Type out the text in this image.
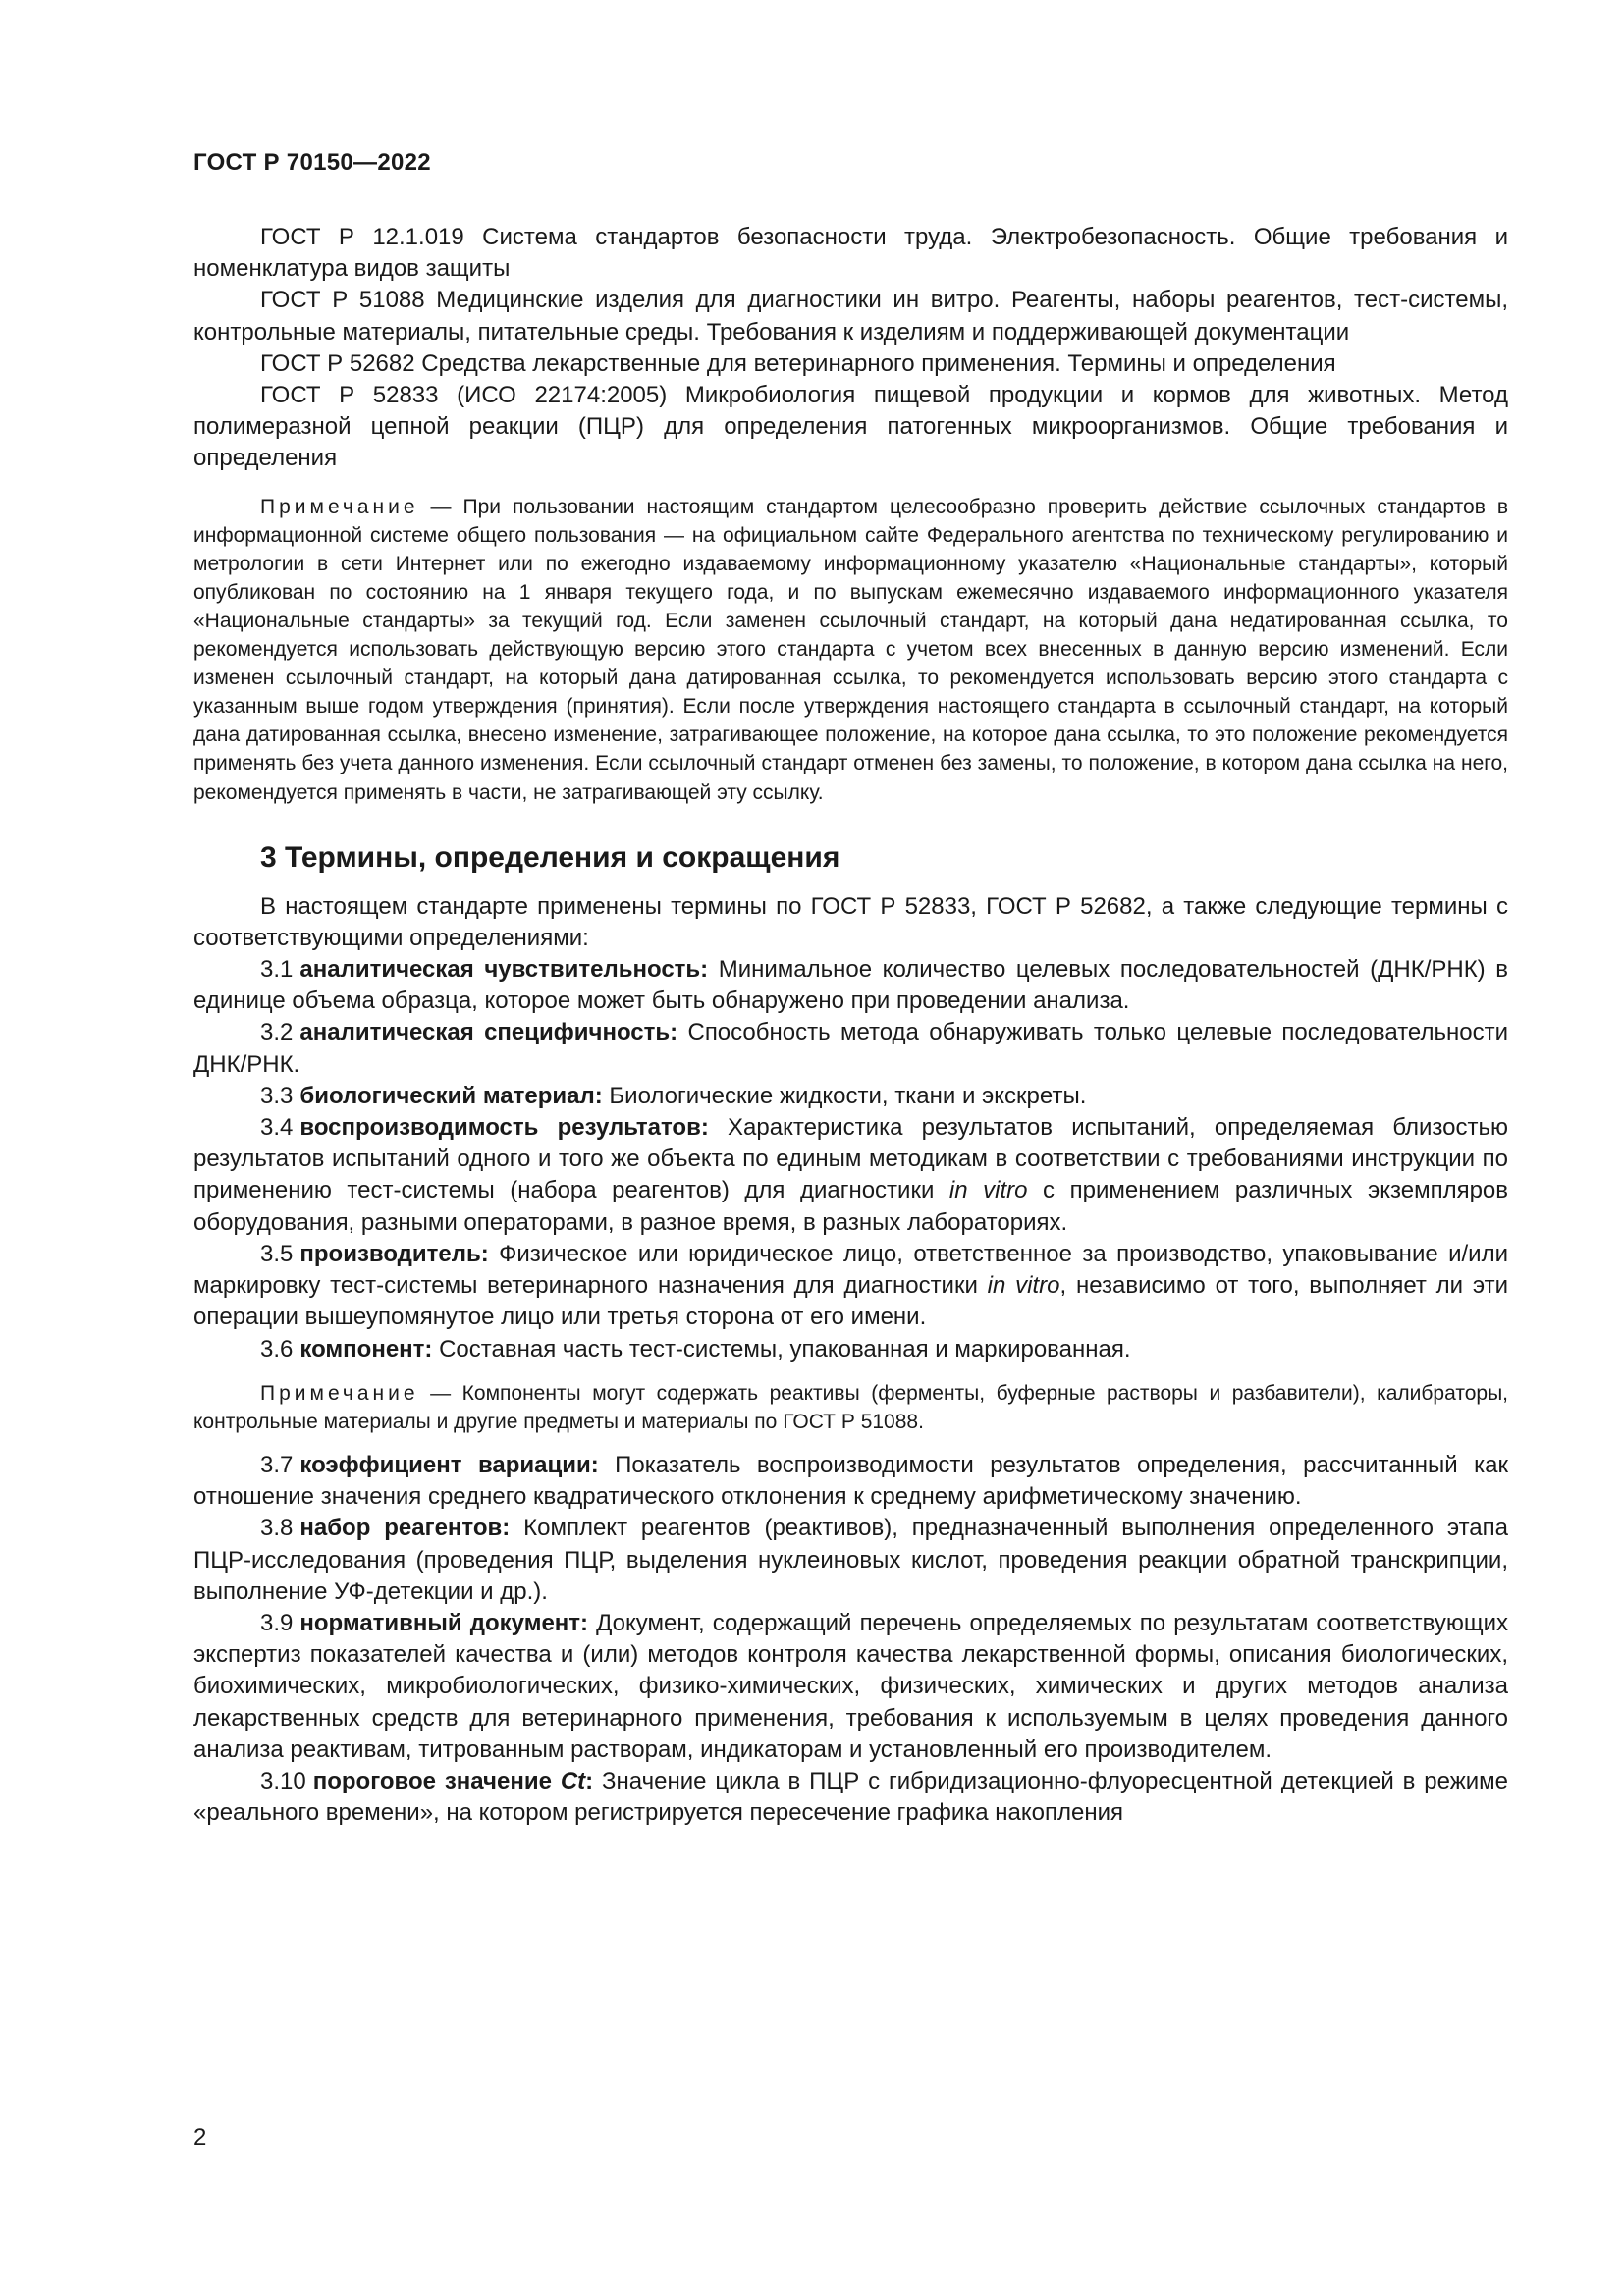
ГОСТ Р 70150—2022

ГОСТ Р 12.1.019 Система стандартов безопасности труда. Электробезопасность. Общие требования и номенклатура видов защиты

ГОСТ Р 51088 Медицинские изделия для диагностики ин витро. Реагенты, наборы реагентов, тест-системы, контрольные материалы, питательные среды. Требования к изделиям и поддерживающей документации

ГОСТ Р 52682 Средства лекарственные для ветеринарного применения. Термины и определения

ГОСТ Р 52833 (ИСО 22174:2005) Микробиология пищевой продукции и кормов для животных. Метод полимеразной цепной реакции (ПЦР) для определения патогенных микроорганизмов. Общие требования и определения

Примечание — При пользовании настоящим стандартом целесообразно проверить действие ссылочных стандартов в информационной системе общего пользования — на официальном сайте Федерального агентства по техническому регулированию и метрологии в сети Интернет или по ежегодно издаваемому информационному указателю «Национальные стандарты», который опубликован по состоянию на 1 января текущего года, и по выпускам ежемесячно издаваемого информационного указателя «Национальные стандарты» за текущий год. Если заменен ссылочный стандарт, на который дана недатированная ссылка, то рекомендуется использовать действующую версию этого стандарта с учетом всех внесенных в данную версию изменений. Если изменен ссылочный стандарт, на который дана датированная ссылка, то рекомендуется использовать версию этого стандарта с указанным выше годом утверждения (принятия). Если после утверждения настоящего стандарта в ссылочный стандарт, на который дана датированная ссылка, внесено изменение, затрагивающее положение, на которое дана ссылка, то это положение рекомендуется применять без учета данного изменения. Если ссылочный стандарт отменен без замены, то положение, в котором дана ссылка на него, рекомендуется применять в части, не затрагивающей эту ссылку.

3 Термины, определения и сокращения

В настоящем стандарте применены термины по ГОСТ Р 52833, ГОСТ Р 52682, а также следующие термины с соответствующими определениями:

3.1 аналитическая чувствительность: Минимальное количество целевых последовательностей (ДНК/РНК) в единице объема образца, которое может быть обнаружено при проведении анализа.

3.2 аналитическая специфичность: Способность метода обнаруживать только целевые последовательности ДНК/РНК.

3.3 биологический материал: Биологические жидкости, ткани и экскреты.

3.4 воспроизводимость результатов: Характеристика результатов испытаний, определяемая близостью результатов испытаний одного и того же объекта по единым методикам в соответствии с требованиями инструкции по применению тест-системы (набора реагентов) для диагностики in vitro с применением различных экземпляров оборудования, разными операторами, в разное время, в разных лабораториях.

3.5 производитель: Физическое или юридическое лицо, ответственное за производство, упаковывание и/или маркировку тест-системы ветеринарного назначения для диагностики in vitro, независимо от того, выполняет ли эти операции вышеупомянутое лицо или третья сторона от его имени.

3.6 компонент: Составная часть тест-системы, упакованная и маркированная.

Примечание — Компоненты могут содержать реактивы (ферменты, буферные растворы и разбавители), калибраторы, контрольные материалы и другие предметы и материалы по ГОСТ Р 51088.

3.7 коэффициент вариации: Показатель воспроизводимости результатов определения, рассчитанный как отношение значения среднего квадратического отклонения к среднему арифметическому значению.

3.8 набор реагентов: Комплект реагентов (реактивов), предназначенный выполнения определенного этапа ПЦР-исследования (проведения ПЦР, выделения нуклеиновых кислот, проведения реакции обратной транскрипции, выполнение УФ-детекции и др.).

3.9 нормативный документ: Документ, содержащий перечень определяемых по результатам соответствующих экспертиз показателей качества и (или) методов контроля качества лекарственной формы, описания биологических, биохимических, микробиологических, физико-химических, физических, химических и других методов анализа лекарственных средств для ветеринарного применения, требования к используемым в целях проведения данного анализа реактивам, титрованным растворам, индикаторам и установленный его производителем.

3.10 пороговое значение Ct: Значение цикла в ПЦР с гибридизационно-флуоресцентной детекцией в режиме «реального времени», на котором регистрируется пересечение графика накопления

2
